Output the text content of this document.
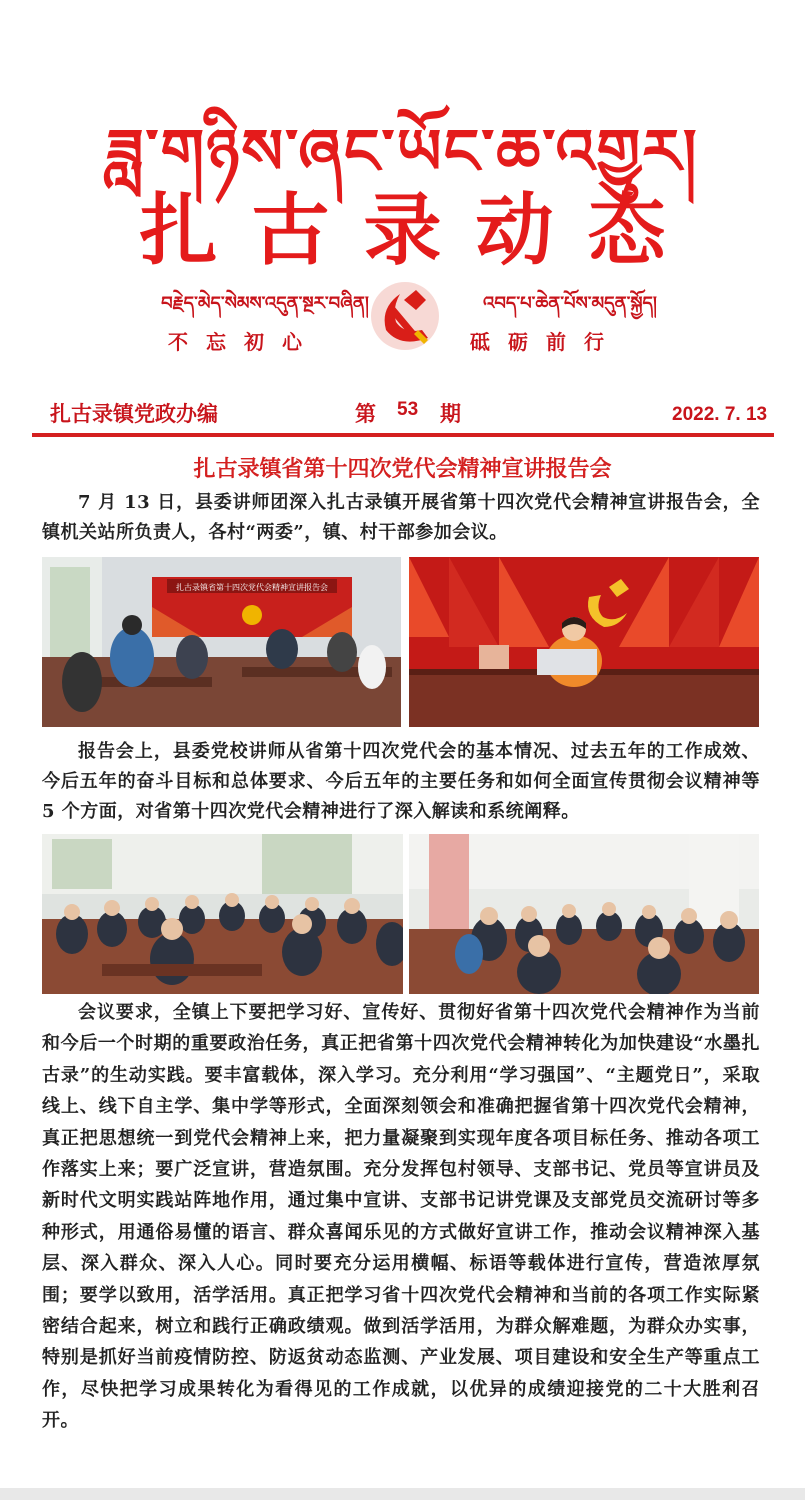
ཟླ་གཉིས་ཞང་ཡོང་ཆ་འགྱུར།
扎古录动态
བརྗེད་མེད་སེམས་འདུན་སྔར་བཞིན།	འབད་པ་ཆེན་པོས་མདུན་སྐྱོད།
不忘初心	砥砺前行
扎古录镇党政办编	第 53 期	2022. 7. 13
扎古录镇省第十四次党代会精神宣讲报告会
7 月 13 日，县委讲师团深入扎古录镇开展省第十四次党代会精神宣讲报告会，全镇机关站所负责人，各村“两委”，镇、村干部参加会议。
扎古录镇省第十四次党代会精神宣讲报告会
报告会上，县委党校讲师从省第十四次党代会的基本情况、过去五年的工作成效、今后五年的奋斗目标和总体要求、今后五年的主要任务和如何全面宣传贯彻会议精神等 5 个方面，对省第十四次党代会精神进行了深入解读和系统阐释。
会议要求，全镇上下要把学习好、宣传好、贯彻好省第十四次党代会精神作为当前和今后一个时期的重要政治任务，真正把省第十四次党代会精神转化为加快建设“水墨扎古录”的生动实践。要丰富载体，深入学习。充分利用“学习强国”、“主题党日”，采取线上、线下自主学、集中学等形式，全面深刻领会和准确把握省第十四次党代会精神，真正把思想统一到党代会精神上来，把力量凝聚到实现年度各项目标任务、推动各项工作落实上来；要广泛宣讲，营造氛围。充分发挥包村领导、支部书记、党员等宣讲员及新时代文明实践站阵地作用，通过集中宣讲、支部书记讲党课及支部党员交流研讨等多种形式，用通俗易懂的语言、群众喜闻乐见的方式做好宣讲工作，推动会议精神深入基层、深入群众、深入人心。同时要充分运用横幅、标语等载体进行宣传，营造浓厚氛围；要学以致用，活学活用。真正把学习省十四次党代会精神和当前的各项工作实际紧密结合起来，树立和践行正确政绩观。做到活学活用，为群众解难题，为群众办实事，特别是抓好当前疫情防控、防返贫动态监测、产业发展、项目建设和安全生产等重点工作，尽快把学习成果转化为看得见的工作成就，以优异的成绩迎接党的二十大胜利召开。
